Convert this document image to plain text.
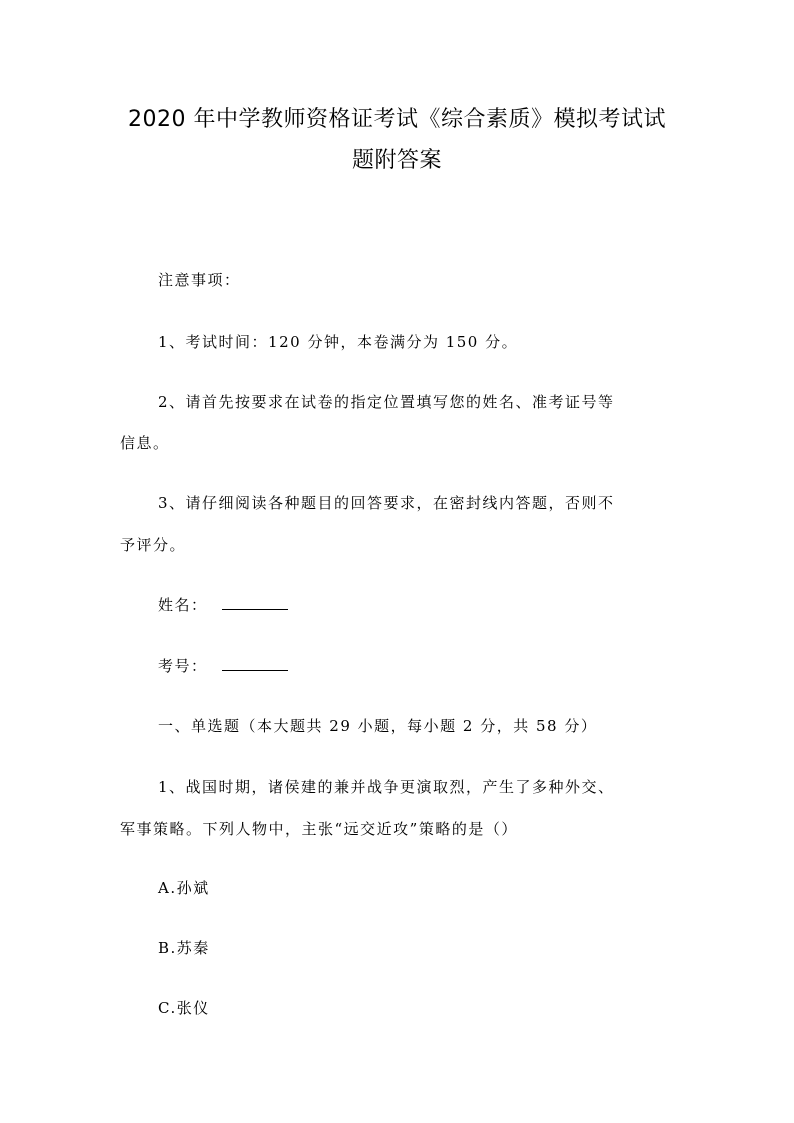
2020 年中学教师资格证考试《综合素质》模拟考试试
题附答案

注意事项：

1、考试时间：120 分钟，本卷满分为 150 分。

2、请首先按要求在试卷的指定位置填写您的姓名、准考证号等

信息。

3、请仔细阅读各种题目的回答要求，在密封线内答题，否则不

予评分。

姓名：

考号：

一、单选题（本大题共 29 小题，每小题 2 分，共 58 分）

1、战国时期，诸侯建的兼并战争更演取烈，产生了多种外交、

军事策略。下列人物中，主张“远交近攻”策略的是（）

A.孙斌

B.苏秦

C.张仪
